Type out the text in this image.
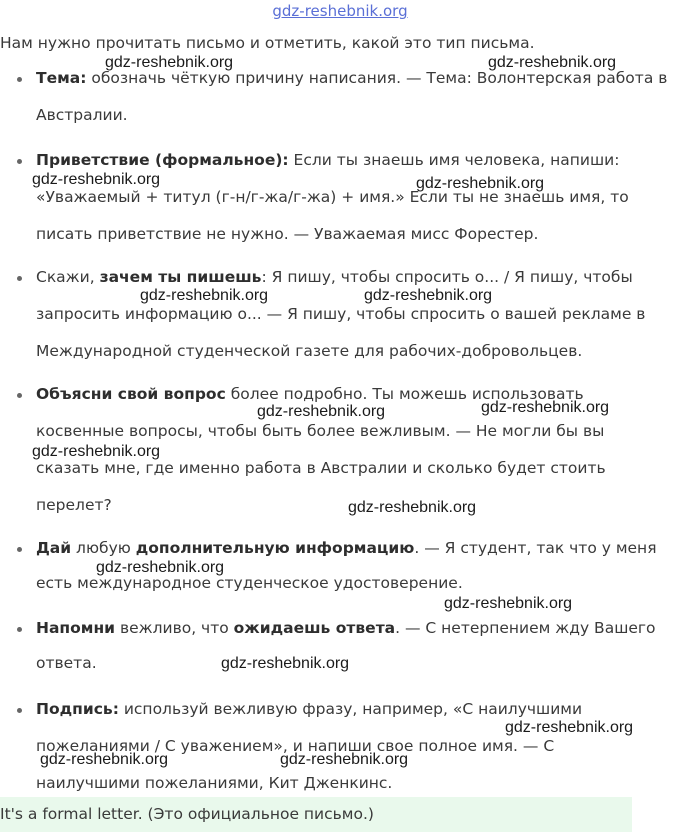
gdz-reshebnik.org
Нам нужно прочитать письмо и отметить, какой это тип письма.
Тема: обозначь чёткую причину написания. — Тема: Волонтерская работа в
Австралии.
Приветствие (формальное): Если ты знаешь имя человека, напиши:
«Уважаемый + титул (г-н/г-жа/г-жа) + имя.» Если ты не знаешь имя, то
писать приветствие не нужно. — Уважаемая мисс Форестер.
Скажи, зачем ты пишешь: Я пишу, чтобы спросить о... / Я пишу, чтобы
запросить информацию о... — Я пишу, чтобы спросить о вашей рекламе в
Международной студенческой газете для рабочих-добровольцев.
Объясни свой вопрос более подробно. Ты можешь использовать
косвенные вопросы, чтобы быть более вежливым. — Не могли бы вы
сказать мне, где именно работа в Австралии и сколько будет стоить
перелет?
Дай любую дополнительную информацию. — Я студент, так что у меня
есть международное студенческое удостоверение.
Напомни вежливо, что ожидаешь ответа. — С нетерпением жду Вашего
ответа.
Подпись: используй вежливую фразу, например, «С наилучшими
пожеланиями / С уважением», и напиши свое полное имя. — С
наилучшими пожеланиями, Кит Дженкинс.
It's a formal letter. (Это официальное письмо.)
gdz-reshebnik.org	gdz-reshebnik.org
gdz-reshebnik.org	gdz-reshebnik.org
gdz-reshebnik.org	gdz-reshebnik.org
gdz-reshebnik.org	gdz-reshebnik.org
gdz-reshebnik.org
gdz-reshebnik.org
gdz-reshebnik.org
gdz-reshebnik.org
gdz-reshebnik.org
gdz-reshebnik.org
gdz-reshebnik.org	gdz-reshebnik.org
